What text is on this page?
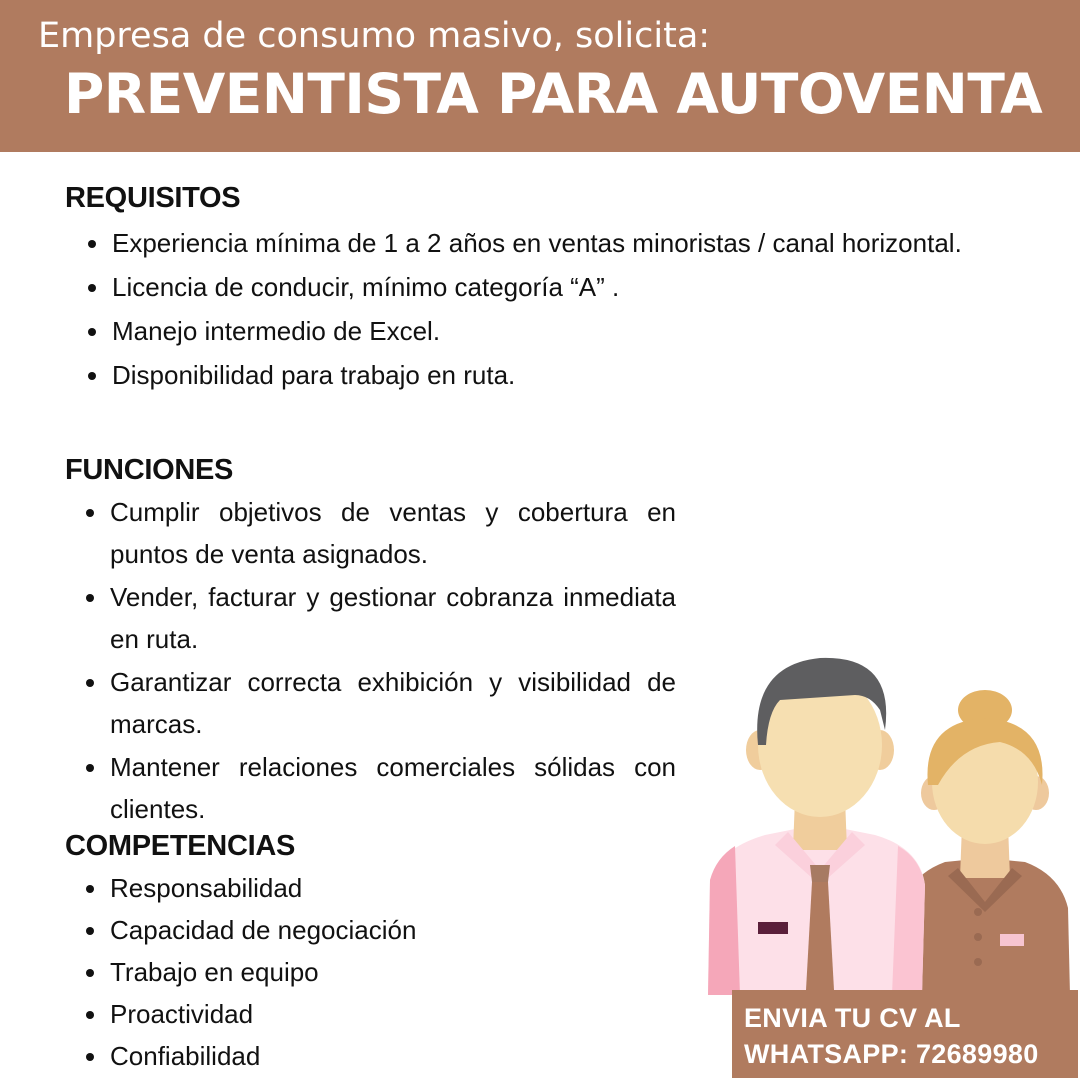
Empresa de consumo masivo, solicita:
PREVENTISTA PARA AUTOVENTA
REQUISITOS
Experiencia mínima de 1 a 2 años en ventas minoristas / canal horizontal.
Licencia de conducir, mínimo categoría “A” .
Manejo intermedio de Excel.
Disponibilidad para trabajo en ruta.
FUNCIONES
Cumplir objetivos de ventas y cobertura en puntos de venta asignados.
Vender, facturar y gestionar cobranza inmediata en ruta.
Garantizar correcta exhibición y visibilidad de marcas.
Mantener relaciones comerciales sólidas con clientes.
COMPETENCIAS
Responsabilidad
Capacidad de negociación
Trabajo en equipo
Proactividad
Confiabilidad
ENVIA TU CV AL
WHATSAPP: 72689980
